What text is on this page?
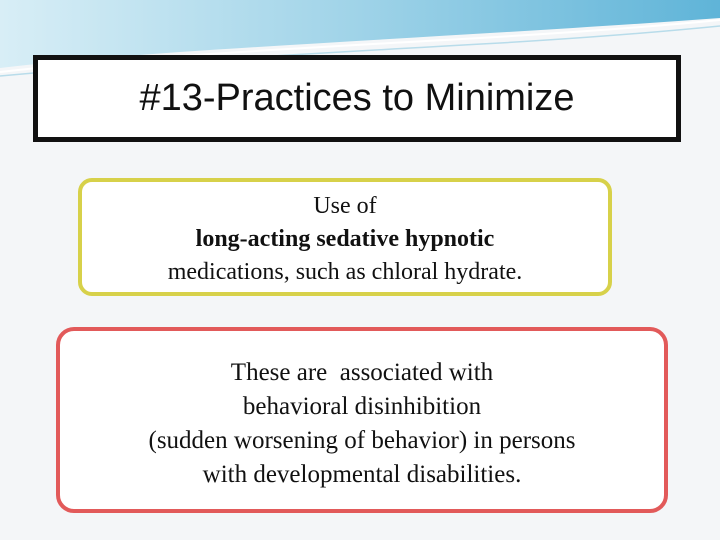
#13-Practices to Minimize
Use of
long-acting sedative hypnotic
medications, such as chloral hydrate.
These are  associated with
behavioral disinhibition
(sudden worsening of behavior) in persons
with developmental disabilities.
